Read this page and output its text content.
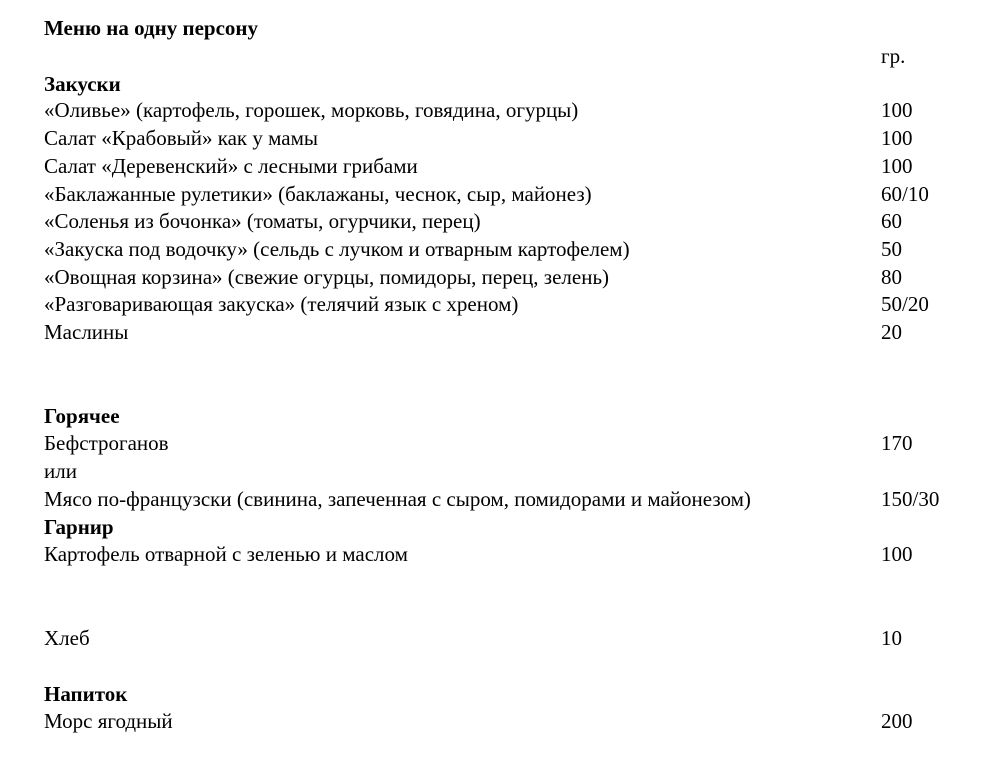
Меню на одну персону
гр.
Закуски
«Оливье» (картофель, горошек, морковь, говядина, огурцы)	100
Салат «Крабовый» как у мамы	100
Салат «Деревенский» с лесными грибами	100
«Баклажанные рулетики» (баклажаны, чеснок, сыр, майонез)	60/10
«Соленья из бочонка» (томаты, огурчики, перец)	60
«Закуска под водочку» (сельдь с лучком и отварным картофелем)	50
«Овощная корзина» (свежие огурцы, помидоры, перец, зелень)	80
«Разговаривающая закуска» (телячий язык с хреном)	50/20
Маслины	20
Горячее
Бефстроганов	170
или
Мясо по-французски (свинина, запеченная с сыром, помидорами и майонезом)	150/30
Гарнир
Картофель отварной с зеленью и маслом	100
Хлеб	10
Напиток
Морс ягодный	200
